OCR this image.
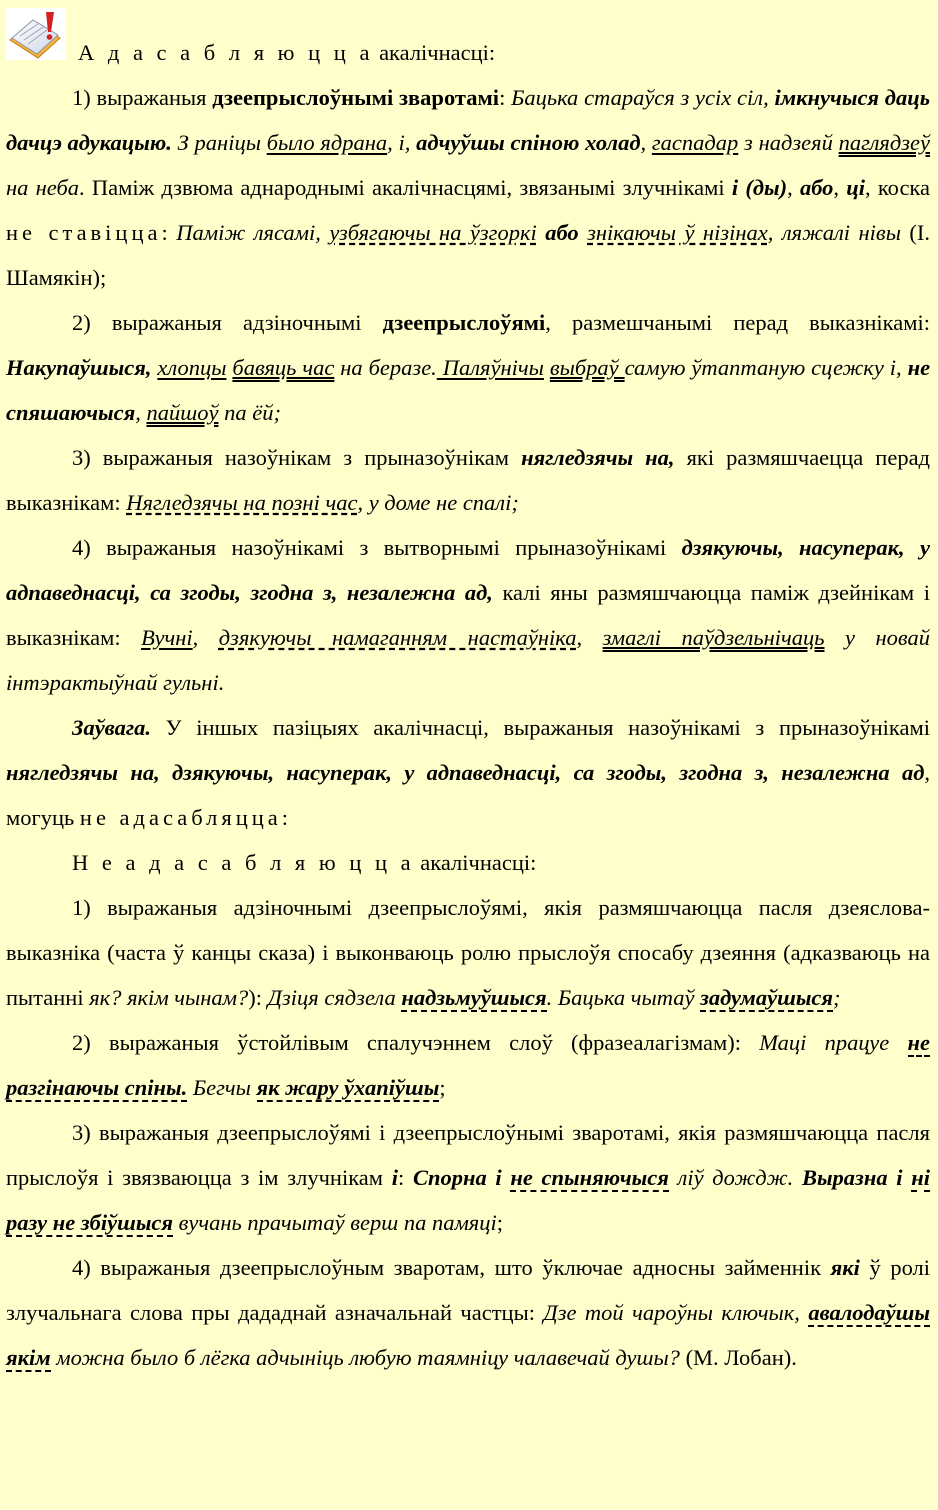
А д а с а б л я ю ц ц а акалічнасці:

1) выражаныя дзеепрыслоўнымі зваротамі: Бацька стараўся з усіх сіл, імкнучыся даць дачцэ адукацыю. З раніцы было ядрана, і, адчуўшы спіною холад, гаспадар з надзеяй паглядзеў на неба. Паміж дзвюма аднароднымі акалічнасцямі, звязанымі злучнікамі і (ды), або, ці, коска не ставіцца: Паміж лясамі, узбягаючы на ўзгоркі або знікаючы ў нізінах, ляжалі нівы (І. Шамякін);

2) выражаныя адзіночнымі дзеепрыслоўямі, размешчанымі перад выказнікамі: Накупаўшыся, хлопцы бавяць час на беразе. Паляўнічы выбраў самую ўтаптаную сцежку і, не спяшаючыся, пайшоў па ёй;

3) выражаныя назоўнікам з прыназоўнікам нягледзячы на, які размяшчаецца перад выказнікам: Нягледзячы на позні час, у доме не спалі;

4) выражаныя назоўнікамі з вытворнымі прыназоўнікамі дзякуючы, насуперак, у адпаведнасці, са згоды, згодна з, незалежна ад, калі яны размяшчаюцца паміж дзейнікам і выказнікам: Вучні, дзякуючы намаганням настаўніка, змаглі паўдзельнічаць у новай інтэрактыўнай гульні.

Заўвага. У іншых пазіцыях акалічнасці, выражаныя назоўнікамі з прыназоўнікамі нягледзячы на, дзякуючы, насуперак, у адпаведнасці, са згоды, згодна з, незалежна ад, могуць не адасабляцца:

Н е а д а с а б л я ю ц ц а акалічнасці:

1) выражаныя адзіночнымі дзеепрыслоўямі, якія размяшчаюцца пасля дзеяслова-выказніка (часта ў канцы сказа) і выконваюць ролю прыслоўя спосабу дзеяння (адказваюць на пытанні як? якім чынам?): Дзіця сядзела надзьмуўшыся. Бацька чытаў задумаўшыся;

2) выражаныя ўстойлівым спалучэннем слоў (фразеалагізмам): Маці працуе не разгінаючы спіны. Бегчы як жару ўхапіўшы;

3) выражаныя дзеепрыслоўямі і дзеепрыслоўнымі зваротамі, якія размяшчаюцца пасля прыслоўя і звязваюцца з ім злучнікам і: Спорна і не спыняючыся ліў дождж. Выразна і ні разу не збіўшыся вучань прачытаў верш па памяці;

4) выражаныя дзеепрыслоўным зваротам, што ўключае адносны займеннік які ў ролі злучальнага слова пры дададнай азначальнай частцы: Дзе той чароўны ключык, авалодаўшы якім можна было б лёгка адчыніць любую таямніцу чалавечай душы? (М. Лобан).
